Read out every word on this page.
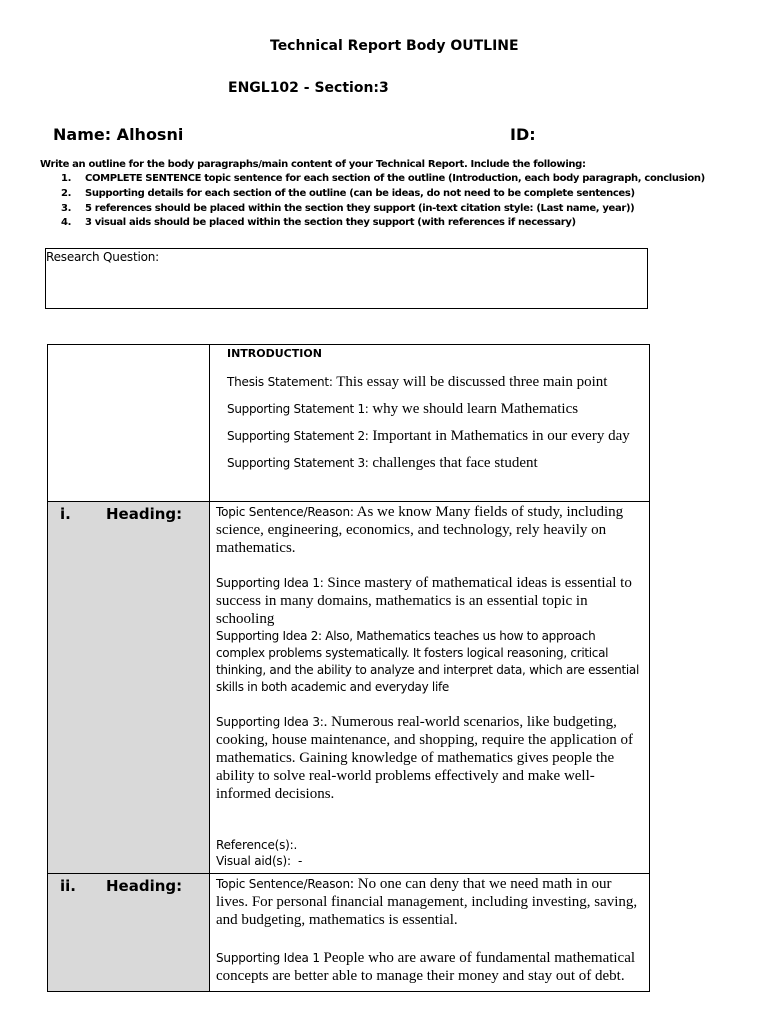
Technical Report Body OUTLINE
ENGL102 - Section:3
Name: Alhosni	ID:
Write an outline for the body paragraphs/main content of your Technical Report. Include the following:
1. COMPLETE SENTENCE topic sentence for each section of the outline (Introduction, each body paragraph, conclusion)
2. Supporting details for each section of the outline (can be ideas, do not need to be complete sentences)
3. 5 references should be placed within the section they support (in-text citation style: (Last name, year))
4. 3 visual aids should be placed within the section they support (with references if necessary)
Research Question:
i. Heading:
ii. Heading:
INTRODUCTION
Thesis Statement: This essay will be discussed three main point
Supporting Statement 1: why we should learn Mathematics
Supporting Statement 2: Important in Mathematics in our every day
Supporting Statement 3: challenges that face student
Topic Sentence/Reason: As we know Many fields of study, including science, engineering, economics, and technology, rely heavily on mathematics.
Supporting Idea 1: Since mastery of mathematical ideas is essential to success in many domains, mathematics is an essential topic in schooling
Supporting Idea 2: Also, Mathematics teaches us how to approach complex problems systematically. It fosters logical reasoning, critical thinking, and the ability to analyze and interpret data, which are essential skills in both academic and everyday life
Supporting Idea 3:. Numerous real-world scenarios, like budgeting, cooking, house maintenance, and shopping, require the application of mathematics. Gaining knowledge of mathematics gives people the ability to solve real-world problems effectively and make well-informed decisions.
Reference(s):.
Visual aid(s):  -
Topic Sentence/Reason: No one can deny that we need math in our lives. For personal financial management, including investing, saving, and budgeting, mathematics is essential.
Supporting Idea 1 People who are aware of fundamental mathematical concepts are better able to manage their money and stay out of debt.
